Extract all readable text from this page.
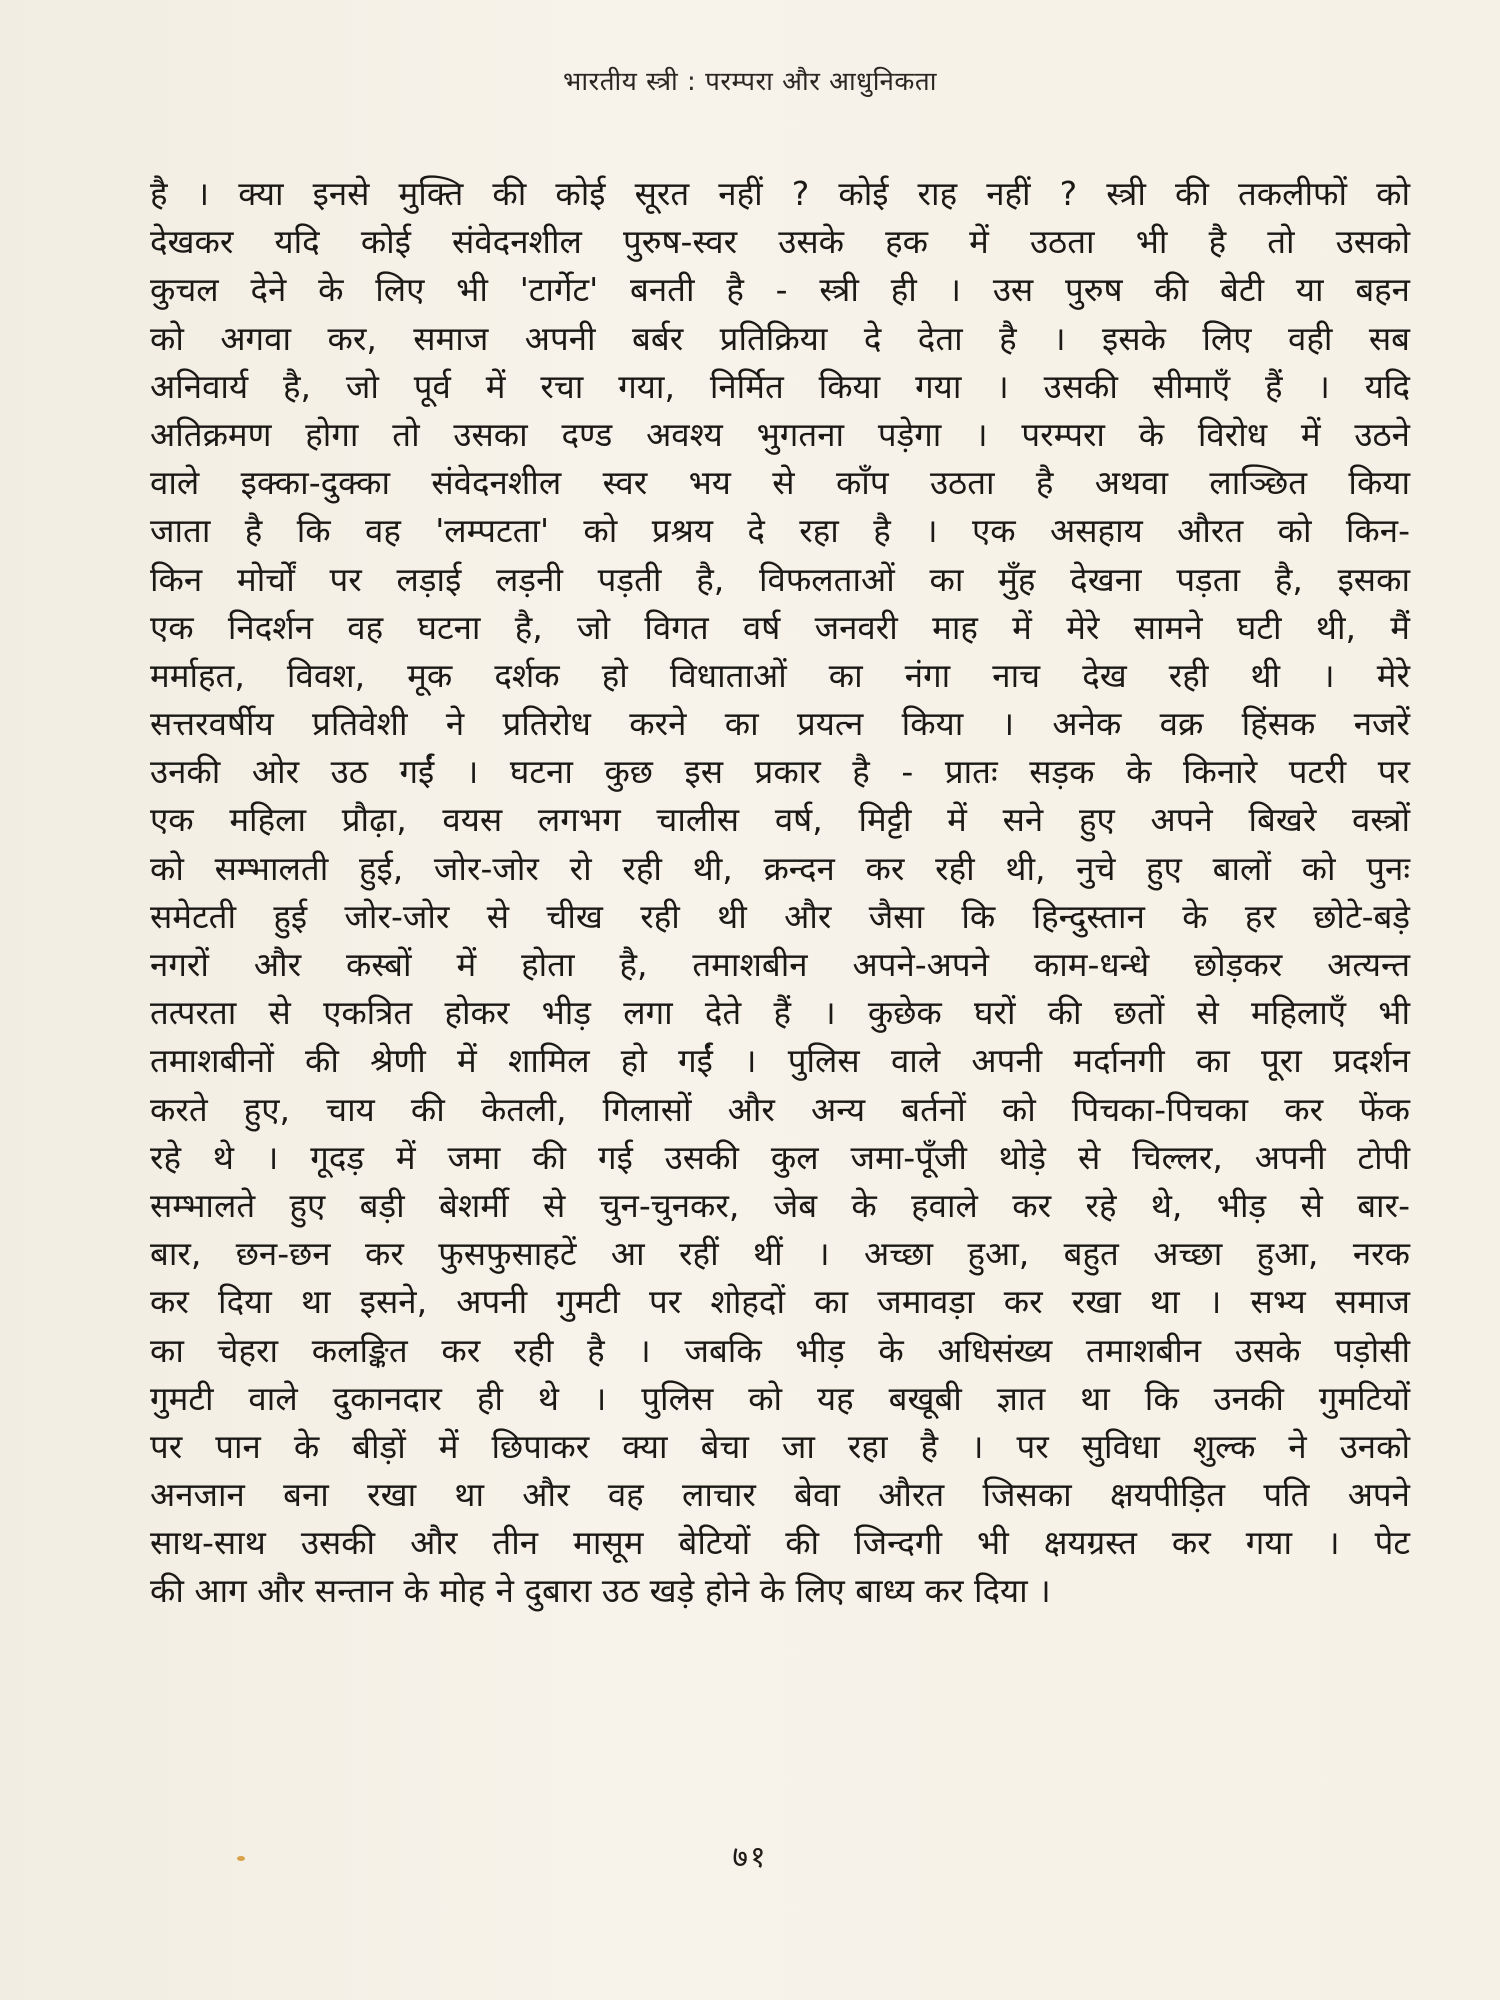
भारतीय स्त्री : परम्परा और आधुनिकता
है । क्या इनसे मुक्ति की कोई सूरत नहीं ? कोई राह नहीं ? स्त्री की तकलीफों को
देखकर यदि कोई संवेदनशील पुरुष-स्वर उसके हक में उठता भी है तो उसको
कुचल देने के लिए भी 'टार्गेट' बनती है - स्त्री ही । उस पुरुष की बेटी या बहन
को अगवा कर, समाज अपनी बर्बर प्रतिक्रिया दे देता है । इसके लिए वही सब
अनिवार्य है, जो पूर्व में रचा गया, निर्मित किया गया । उसकी सीमाएँ हैं । यदि
अतिक्रमण होगा तो उसका दण्ड अवश्य भुगतना पड़ेगा । परम्परा के विरोध में उठने
वाले इक्का-दुक्का संवेदनशील स्वर भय से काँप उठता है अथवा लाञ्छित किया
जाता है कि वह 'लम्पटता' को प्रश्रय दे रहा है । एक असहाय औरत को किन-
किन मोर्चों पर लड़ाई लड़नी पड़ती है, विफलताओं का मुँह देखना पड़ता है, इसका
एक निदर्शन वह घटना है, जो विगत वर्ष जनवरी माह में मेरे सामने घटी थी, मैं
मर्माहत, विवश, मूक दर्शक हो विधाताओं का नंगा नाच देख रही थी । मेरे
सत्तरवर्षीय प्रतिवेशी ने प्रतिरोध करने का प्रयत्न किया । अनेक वक्र हिंसक नजरें
उनकी ओर उठ गईं । घटना कुछ इस प्रकार है - प्रातः सड़क के किनारे पटरी पर
एक महिला प्रौढ़ा, वयस लगभग चालीस वर्ष, मिट्टी में सने हुए अपने बिखरे वस्त्रों
को सम्भालती हुई, जोर-जोर रो रही थी, क्रन्दन कर रही थी, नुचे हुए बालों को पुनः
समेटती हुई जोर-जोर से चीख रही थी और जैसा कि हिन्दुस्तान के हर छोटे-बड़े
नगरों और कस्बों में होता है, तमाशबीन अपने-अपने काम-धन्धे छोड़कर अत्यन्त
तत्परता से एकत्रित होकर भीड़ लगा देते हैं । कुछेक घरों की छतों से महिलाएँ भी
तमाशबीनों की श्रेणी में शामिल हो गईं । पुलिस वाले अपनी मर्दानगी का पूरा प्रदर्शन
करते हुए, चाय की केतली, गिलासों और अन्य बर्तनों को पिचका-पिचका कर फेंक
रहे थे । गूदड़ में जमा की गई उसकी कुल जमा-पूँजी थोड़े से चिल्लर, अपनी टोपी
सम्भालते हुए बड़ी बेशर्मी से चुन-चुनकर, जेब के हवाले कर रहे थे, भीड़ से बार-
बार, छन-छन कर फुसफुसाहटें आ रहीं थीं । अच्छा हुआ, बहुत अच्छा हुआ, नरक
कर दिया था इसने, अपनी गुमटी पर शोहदों का जमावड़ा कर रखा था । सभ्य समाज
का चेहरा कलङ्कित कर रही है । जबकि भीड़ के अधिसंख्य तमाशबीन उसके पड़ोसी
गुमटी वाले दुकानदार ही थे । पुलिस को यह बखूबी ज्ञात था कि उनकी गुमटियों
पर पान के बीड़ों में छिपाकर क्या बेचा जा रहा है । पर सुविधा शुल्क ने उनको
अनजान बना रखा था और वह लाचार बेवा औरत जिसका क्षयपीड़ित पति अपने
साथ-साथ उसकी और तीन मासूम बेटियों की जिन्दगी भी क्षयग्रस्त कर गया । पेट
की आग और सन्तान के मोह ने दुबारा उठ खड़े होने के लिए बाध्य कर दिया ।
७१
